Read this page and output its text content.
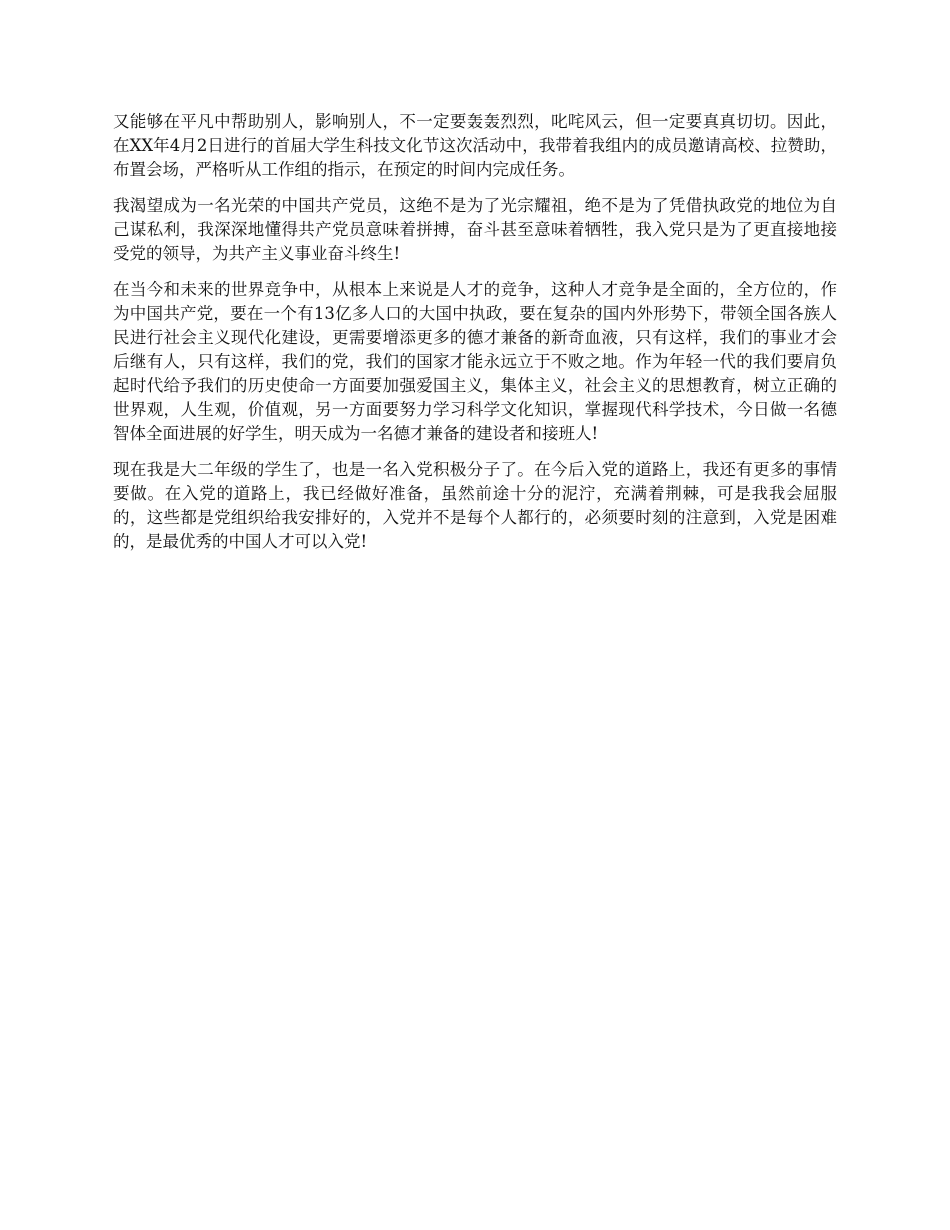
又能够在平凡中帮助别人，影响别人，不一定要轰轰烈烈，叱咤风云，但一定要真真切切。因此，在XX年4月2日进行的首届大学生科技文化节这次活动中，我带着我组内的成员邀请高校、拉赞助，布置会场，严格听从工作组的指示，在预定的时间内完成任务。

我渴望成为一名光荣的中国共产党员，这绝不是为了光宗耀祖，绝不是为了凭借执政党的地位为自己谋私利，我深深地懂得共产党员意味着拼搏，奋斗甚至意味着牺牲，我入党只是为了更直接地接受党的领导，为共产主义事业奋斗终生!

在当今和未来的世界竞争中，从根本上来说是人才的竞争，这种人才竞争是全面的，全方位的，作为中国共产党，要在一个有13亿多人口的大国中执政，要在复杂的国内外形势下，带领全国各族人民进行社会主义现代化建设，更需要增添更多的德才兼备的新奇血液，只有这样，我们的事业才会后继有人，只有这样，我们的党，我们的国家才能永远立于不败之地。作为年轻一代的我们要肩负起时代给予我们的历史使命一方面要加强爱国主义，集体主义，社会主义的思想教育，树立正确的世界观，人生观，价值观，另一方面要努力学习科学文化知识，掌握现代科学技术，今日做一名德智体全面进展的好学生，明天成为一名德才兼备的建设者和接班人!

现在我是大二年级的学生了，也是一名入党积极分子了。在今后入党的道路上，我还有更多的事情要做。在入党的道路上，我已经做好准备，虽然前途十分的泥泞，充满着荆棘，可是我我会屈服的，这些都是党组织给我安排好的，入党并不是每个人都行的，必须要时刻的注意到，入党是困难的，是最优秀的中国人才可以入党!
